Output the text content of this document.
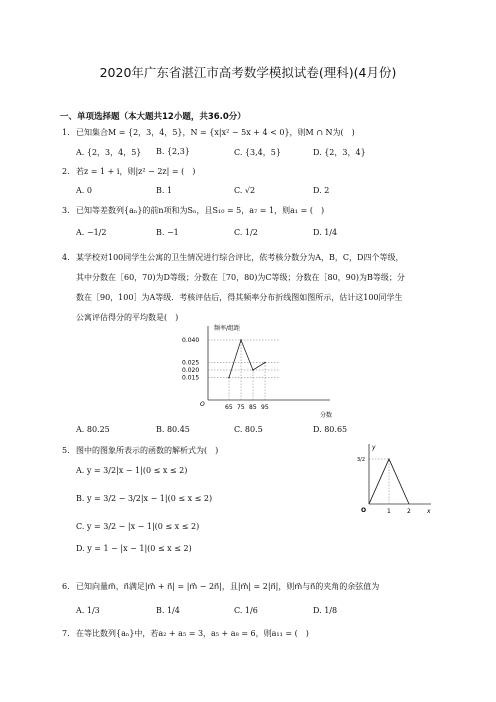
2020年广东省湛江市高考数学模拟试卷(理科)(4月份)
一、单项选择题（本大题共12小题，共36.0分）
1. 已知集合M = {2，3，4，5}，N = {x|x² − 5x + 4 < 0}，则M ∩ N为(　)
A. {2，3，4，5} B. {2,3}	C. {3,4，5}	D. {2，3，4}
2. 若z = 1 + i，则|z² − 2z| = (　)
A. 0	B. 1	C. √2	D. 2
3. 已知等差数列{aₙ}的前n项和为Sₙ，且S₁₀ = 5，a₇ = 1，则a₁ = (　)
A. −1/2	B. −1	C. 1/2	D. 1/4
4. 某学校对100同学生公寓的卫生情况进行综合评比，依考核分数分为A，B，C，D四个等级，
其中分数在［60，70)为D等级；分数在［70，80)为C等级；分数在［80，90)为B等级；分
数在［90，100］为A等级．考核评估后，得其频率分布折线图如图所示，估计这100同学生
公寓评估得分的平均数是(　)
频率/组距
分数
O	65 75 85 95
0.040
0.025
0.020
0.015
A. 80.25	B. 80.45	C. 80.5	D. 80.65
5. 图中的图象所表示的函数的解析式为(　)
A. y = 3/2|x − 1|(0 ≤ x ≤ 2)
B. y = 3/2 − 3/2|x − 1|(0 ≤ x ≤ 2)
C. y = 3/2 − |x − 1|(0 ≤ x ≤ 2)
D. y = 1 − |x − 1|(0 ≤ x ≤ 2)
y
x
O
3/2
1	2
6. 已知向量m⃗，n⃗满足|m⃗ + n⃗| = |m⃗ − 2n⃗|，且|m⃗| = 2|n⃗|，则m⃗与n⃗的夹角的余弦值为
A. 1/3	B. 1/4	C. 1/6	D. 1/8
7. 在等比数列{aₙ}中，若a₂ + a₅ = 3，a₅ + a₈ = 6，则a₁₁ = (　)
